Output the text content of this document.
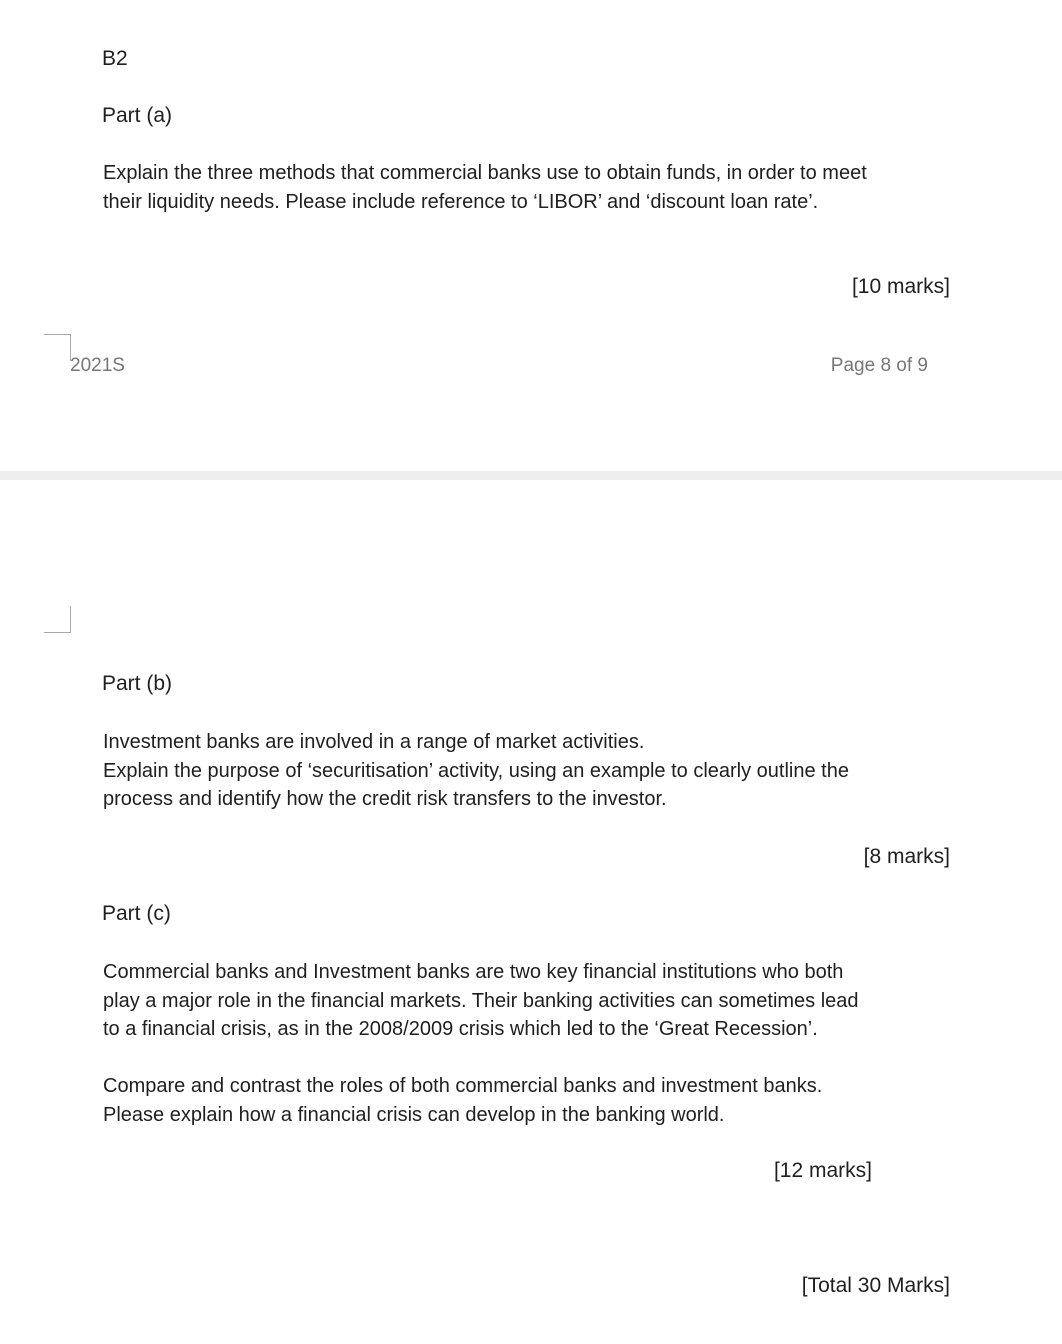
B2
Part (a)
Explain the three methods that commercial banks use to obtain funds, in order to meet
their liquidity needs. Please include reference to ‘LIBOR’ and ‘discount loan rate’.
[10 marks]
2021S	Page 8 of 9
Part (b)
Investment banks are involved in a range of market activities.
Explain the purpose of ‘securitisation’ activity, using an example to clearly outline the
process and identify how the credit risk transfers to the investor.
[8 marks]
Part (c)
Commercial banks and Investment banks are two key financial institutions who both
play a major role in the financial markets. Their banking activities can sometimes lead
to a financial crisis, as in the 2008/2009 crisis which led to the ‘Great Recession’.
Compare and contrast the roles of both commercial banks and investment banks.
Please explain how a financial crisis can develop in the banking world.
[12 marks]
[Total 30 Marks]
